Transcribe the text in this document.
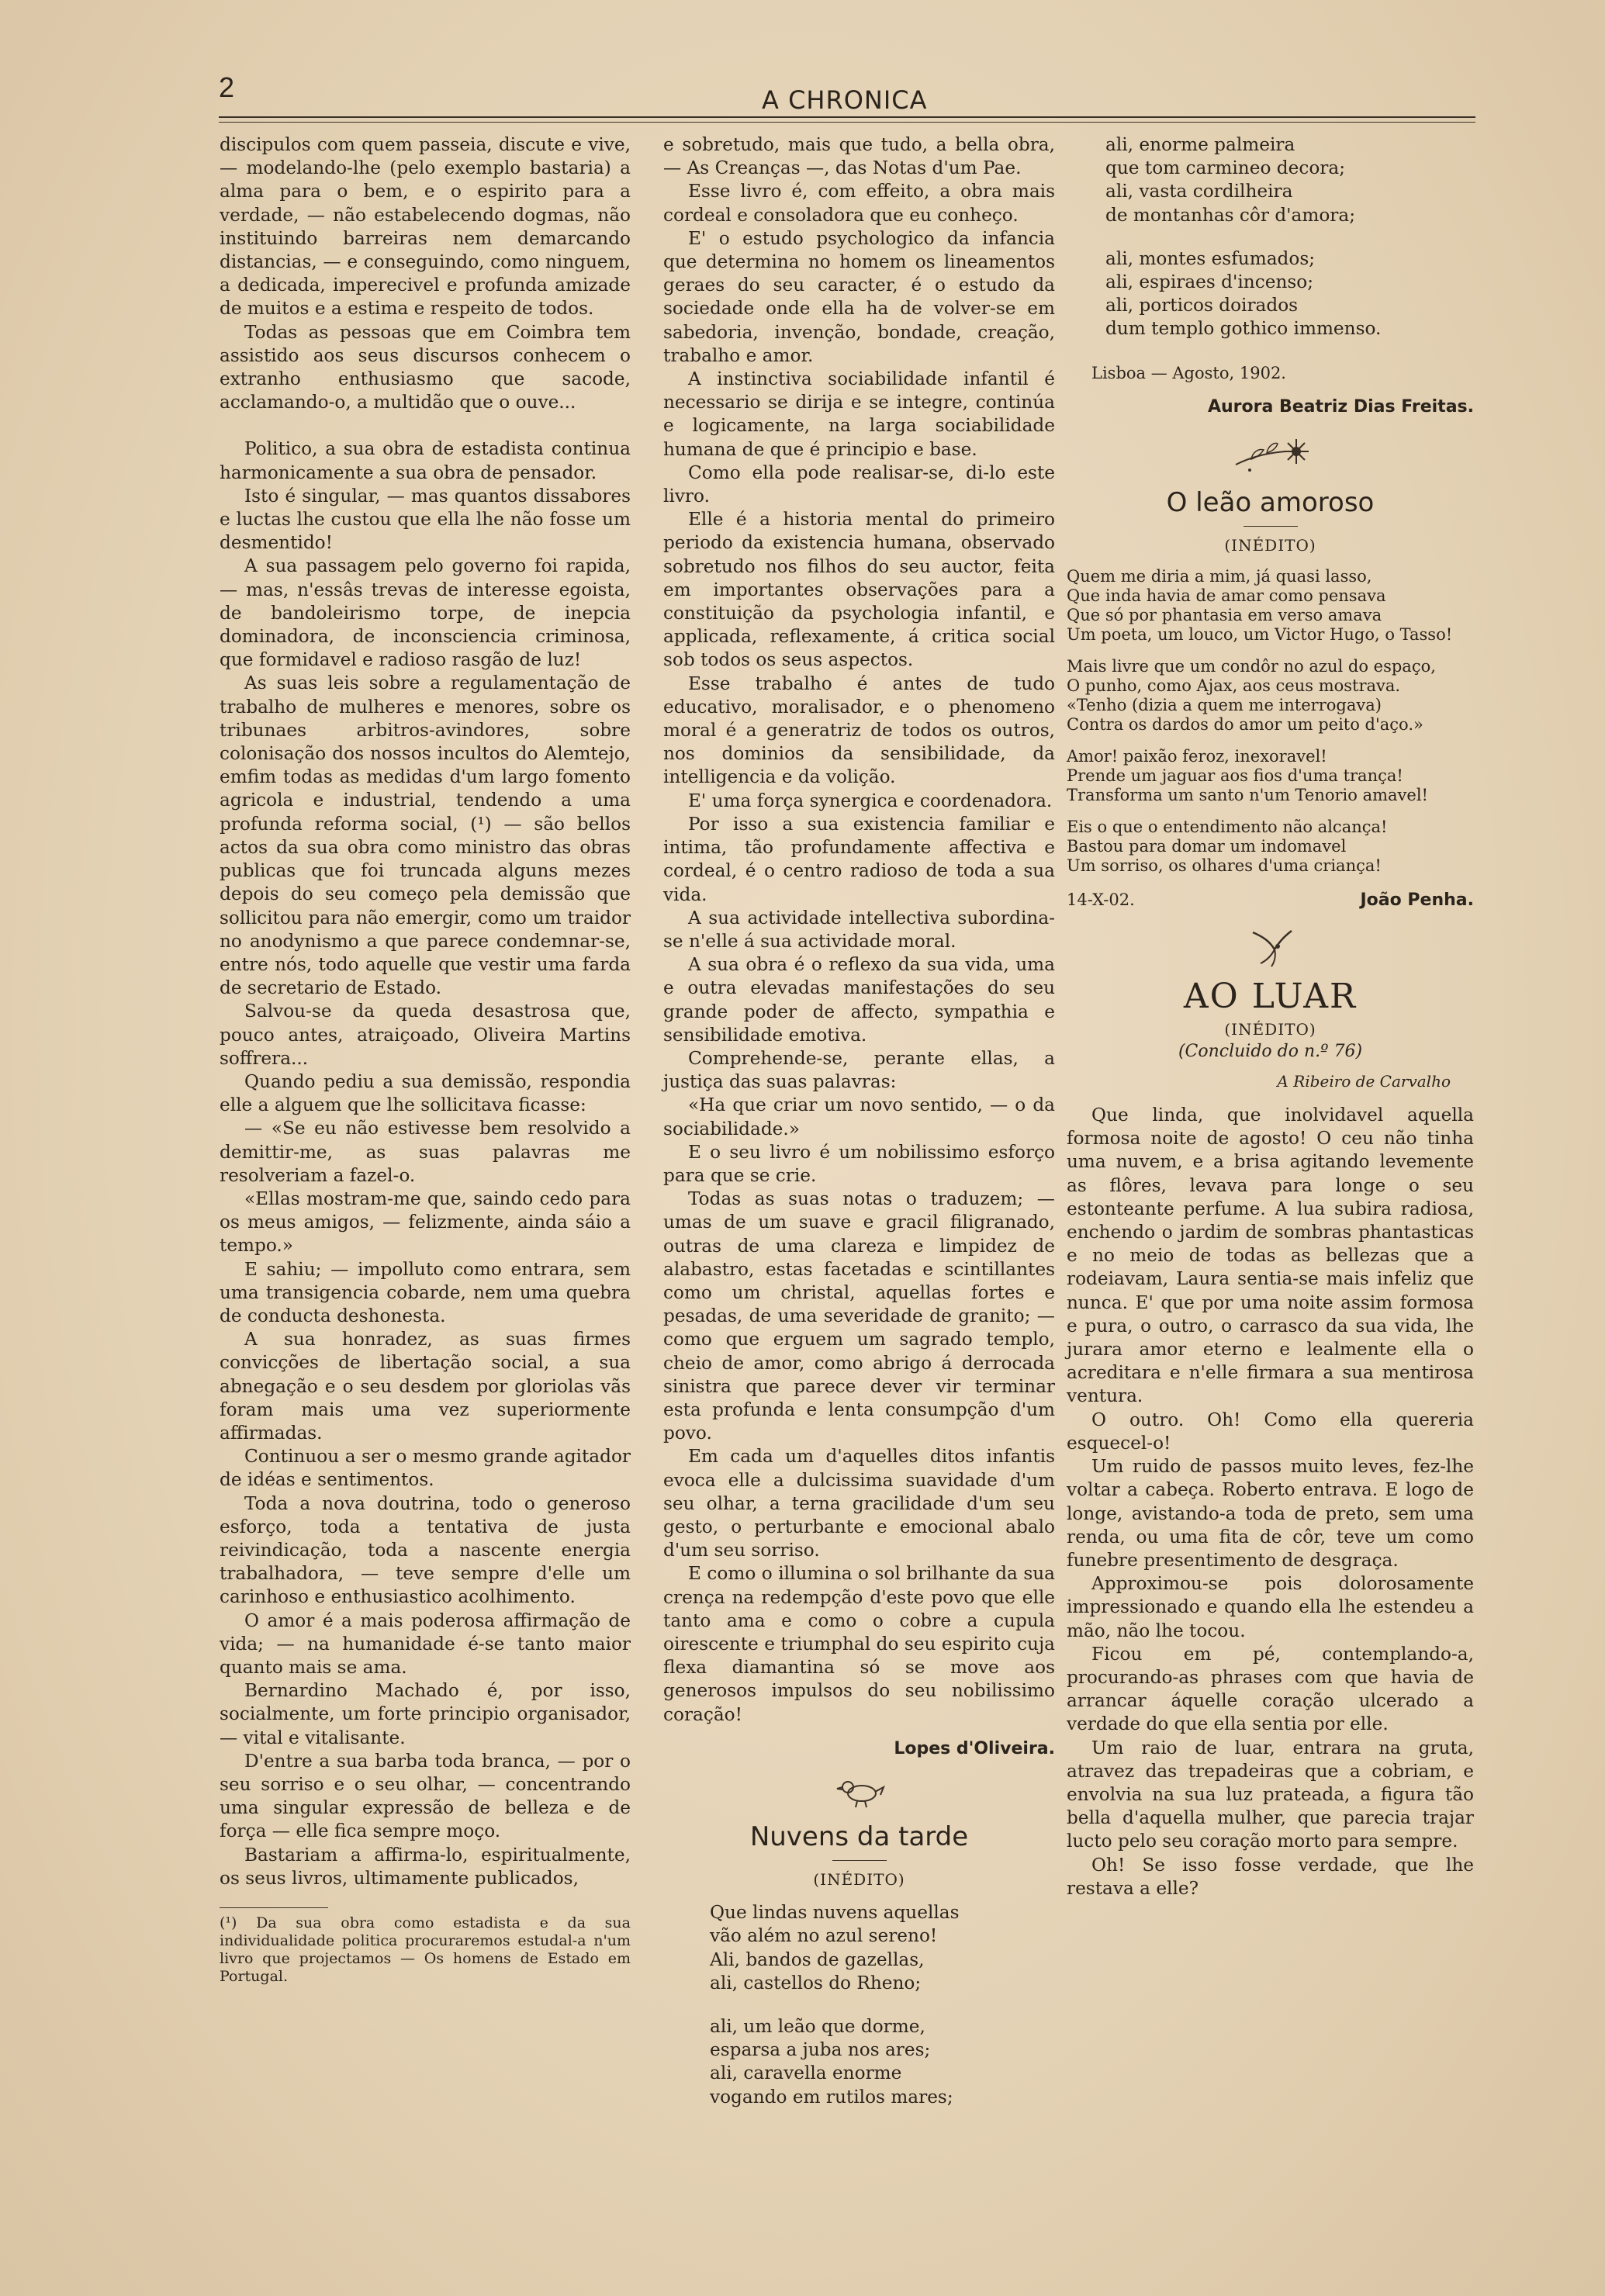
2	A CHRONICA

discipulos com quem passeia, discute e vive, — modelando-lhe (pelo exemplo bastaria) a alma para o bem, e o espirito para a verdade, — não estabelecendo dogmas, não instituindo barreiras nem demarcando distancias, — e conseguindo, como ninguem, a dedicada, imperecivel e profunda amizade de muitos e a estima e respeito de todos.

Todas as pessoas que em Coimbra tem assistido aos seus discursos conhecem o extranho enthusiasmo que sacode, acclamando-o, a multidão que o ouve...

Politico, a sua obra de estadista continua harmonicamente a sua obra de pensador.

Isto é singular, — mas quantos dissabores e luctas lhe custou que ella lhe não fosse um desmentido!

A sua passagem pelo governo foi rapida, — mas, n'essâs trevas de interesse egoista, de bandoleirismo torpe, de inepcia dominadora, de inconsciencia criminosa, que formidavel e radioso rasgão de luz!

As suas leis sobre a regulamentação de trabalho de mulheres e menores, sobre os tribunaes arbitros-avindores, sobre colonisação dos nossos incultos do Alemtejo, emfim todas as medidas d'um largo fomento agricola e industrial, tendendo a uma profunda reforma social, (¹) — são bellos actos da sua obra como ministro das obras publicas que foi truncada alguns mezes depois do seu começo pela demissão que sollicitou para não emergir, como um traidor no anodynismo a que parece condemnar-se, entre nós, todo aquelle que vestir uma farda de secretario de Estado.

Salvou-se da queda desastrosa que, pouco antes, atraiçoado, Oliveira Martins soffrera...

Quando pediu a sua demissão, respondia elle a alguem que lhe sollicitava ficasse:

— «Se eu não estivesse bem resolvido a demittir-me, as suas palavras me resolveriam a fazel-o.

«Ellas mostram-me que, saindo cedo para os meus amigos, — felizmente, ainda sáio a tempo.»

E sahiu; — impolluto como entrara, sem uma transigencia cobarde, nem uma quebra de conducta deshonesta.

A sua honradez, as suas firmes convicções de libertação social, a sua abnegação e o seu desdem por gloriolas vãs foram mais uma vez superiormente affirmadas.

Continuou a ser o mesmo grande agitador de idéas e sentimentos.

Toda a nova doutrina, todo o generoso esforço, toda a tentativa de justa reivindicação, toda a nascente energia trabalhadora, — teve sempre d'elle um carinhoso e enthusiastico acolhimento.

O amor é a mais poderosa affirmação de vida; — na humanidade é-se tanto maior quanto mais se ama.

Bernardino Machado é, por isso, socialmente, um forte principio organisador, — vital e vitalisante.

D'entre a sua barba toda branca, — por o seu sorriso e o seu olhar, — concentrando uma singular expressão de belleza e de força — elle fica sempre moço.

Bastariam a affirma-lo, espiritualmente, os seus livros, ultimamente publicados,

(¹) Da sua obra como estadista e da sua individualidade politica procuraremos estudal-a n'um livro que projectamos — Os homens de Estado em Portugal.

e sobretudo, mais que tudo, a bella obra, — As Creanças —, das Notas d'um Pae.

Esse livro é, com effeito, a obra mais cordeal e consoladora que eu conheço.

E' o estudo psychologico da infancia que determina no homem os lineamentos geraes do seu caracter, é o estudo da sociedade onde ella ha de volver-se em sabedoria, invenção, bondade, creação, trabalho e amor.

A instinctiva sociabilidade infantil é necessario se dirija e se integre, continúa e logicamente, na larga sociabilidade humana de que é principio e base.

Como ella pode realisar-se, di-lo este livro.

Elle é a historia mental do primeiro periodo da existencia humana, observado sobretudo nos filhos do seu auctor, feita em importantes observações para a constituição da psychologia infantil, e applicada, reflexamente, á critica social sob todos os seus aspectos.

Esse trabalho é antes de tudo educativo, moralisador, e o phenomeno moral é a generatriz de todos os outros, nos dominios da sensibilidade, da intelligencia e da volição.

E' uma força synergica e coordenadora.

Por isso a sua existencia familiar e intima, tão profundamente affectiva e cordeal, é o centro radioso de toda a sua vida.

A sua actividade intellectiva subordina-se n'elle á sua actividade moral.

A sua obra é o reflexo da sua vida, uma e outra elevadas manifestações do seu grande poder de affecto, sympathia e sensibilidade emotiva.

Comprehende-se, perante ellas, a justiça das suas palavras:

«Ha que criar um novo sentido, — o da sociabilidade.»

E o seu livro é um nobilissimo esforço para que se crie.

Todas as suas notas o traduzem; — umas de um suave e gracil filigranado, outras de uma clareza e limpidez de alabastro, estas facetadas e scintillantes como um christal, aquellas fortes e pesadas, de uma severidade de granito; — como que erguem um sagrado templo, cheio de amor, como abrigo á derrocada sinistra que parece dever vir terminar esta profunda e lenta consumpção d'um povo.

Em cada um d'aquelles ditos infantis evoca elle a dulcissima suavidade d'um seu olhar, a terna gracilidade d'um seu gesto, o perturbante e emocional abalo d'um seu sorriso.

E como o illumina o sol brilhante da sua crença na redempção d'este povo que elle tanto ama e como o cobre a cupula oirescente e triumphal do seu espirito cuja flexa diamantina só se move aos generosos impulsos do seu nobilissimo coração!

Lopes d'Oliveira.
Nuvens da tarde
(INÉDITO)
Que lindas nuvens aquellas
vão além no azul sereno!
Ali, bandos de gazellas,
ali, castellos do Rheno;
ali, um leão que dorme,
esparsa a juba nos ares;
ali, caravella enorme
vogando em rutilos mares;
ali, enorme palmeira
que tom carmineo decora;
ali, vasta cordilheira
de montanhas côr d'amora;
ali, montes esfumados;
ali, espiraes d'incenso;
ali, porticos doirados
dum templo gothico immenso.

Lisboa — Agosto, 1902.

Aurora Beatriz Dias Freitas.
O leão amoroso
(INÉDITO)
Quem me diria a mim, já quasi lasso,
Que inda havia de amar como pensava
Que só por phantasia em verso amava
Um poeta, um louco, um Victor Hugo, o Tasso!
Mais livre que um condôr no azul do espaço,
O punho, como Ajax, aos ceus mostrava.
«Tenho (dizia a quem me interrogava)
Contra os dardos do amor um peito d'aço.»
Amor! paixão feroz, inexoravel!
Prende um jaguar aos fios d'uma trança!
Transforma um santo n'um Tenorio amavel!
Eis o que o entendimento não alcança!
Bastou para domar um indomavel
Um sorriso, os olhares d'uma criança!
14-X-02.	João Penha.
AO LUAR
(INÉDITO)
(Concluido do n.º 76)
A Ribeiro de Carvalho

Que linda, que inolvidavel aquella formosa noite de agosto! O ceu não tinha uma nuvem, e a brisa agitando levemente as flôres, levava para longe o seu estonteante perfume. A lua subira radiosa, enchendo o jardim de sombras phantasticas e no meio de todas as bellezas que a rodeiavam, Laura sentia-se mais infeliz que nunca. E' que por uma noite assim formosa e pura, o outro, o carrasco da sua vida, lhe jurara amor eterno e lealmente ella o acreditara e n'elle firmara a sua mentirosa ventura.

O outro. Oh! Como ella quereria esquecel-o!

Um ruido de passos muito leves, fez-lhe voltar a cabeça. Roberto entrava. E logo de longe, avistando-a toda de preto, sem uma renda, ou uma fita de côr, teve um como funebre presentimento de desgraça.

Approximou-se pois dolorosamente impressionado e quando ella lhe estendeu a mão, não lhe tocou.

Ficou em pé, contemplando-a, procurando-as phrases com que havia de arrancar áquelle coração ulcerado a verdade do que ella sentia por elle.

Um raio de luar, entrara na gruta, atravez das trepadeiras que a cobriam, e envolvia na sua luz prateada, a figura tão bella d'aquella mulher, que parecia trajar lucto pelo seu coração morto para sempre.

Oh! Se isso fosse verdade, que lhe restava a elle?
